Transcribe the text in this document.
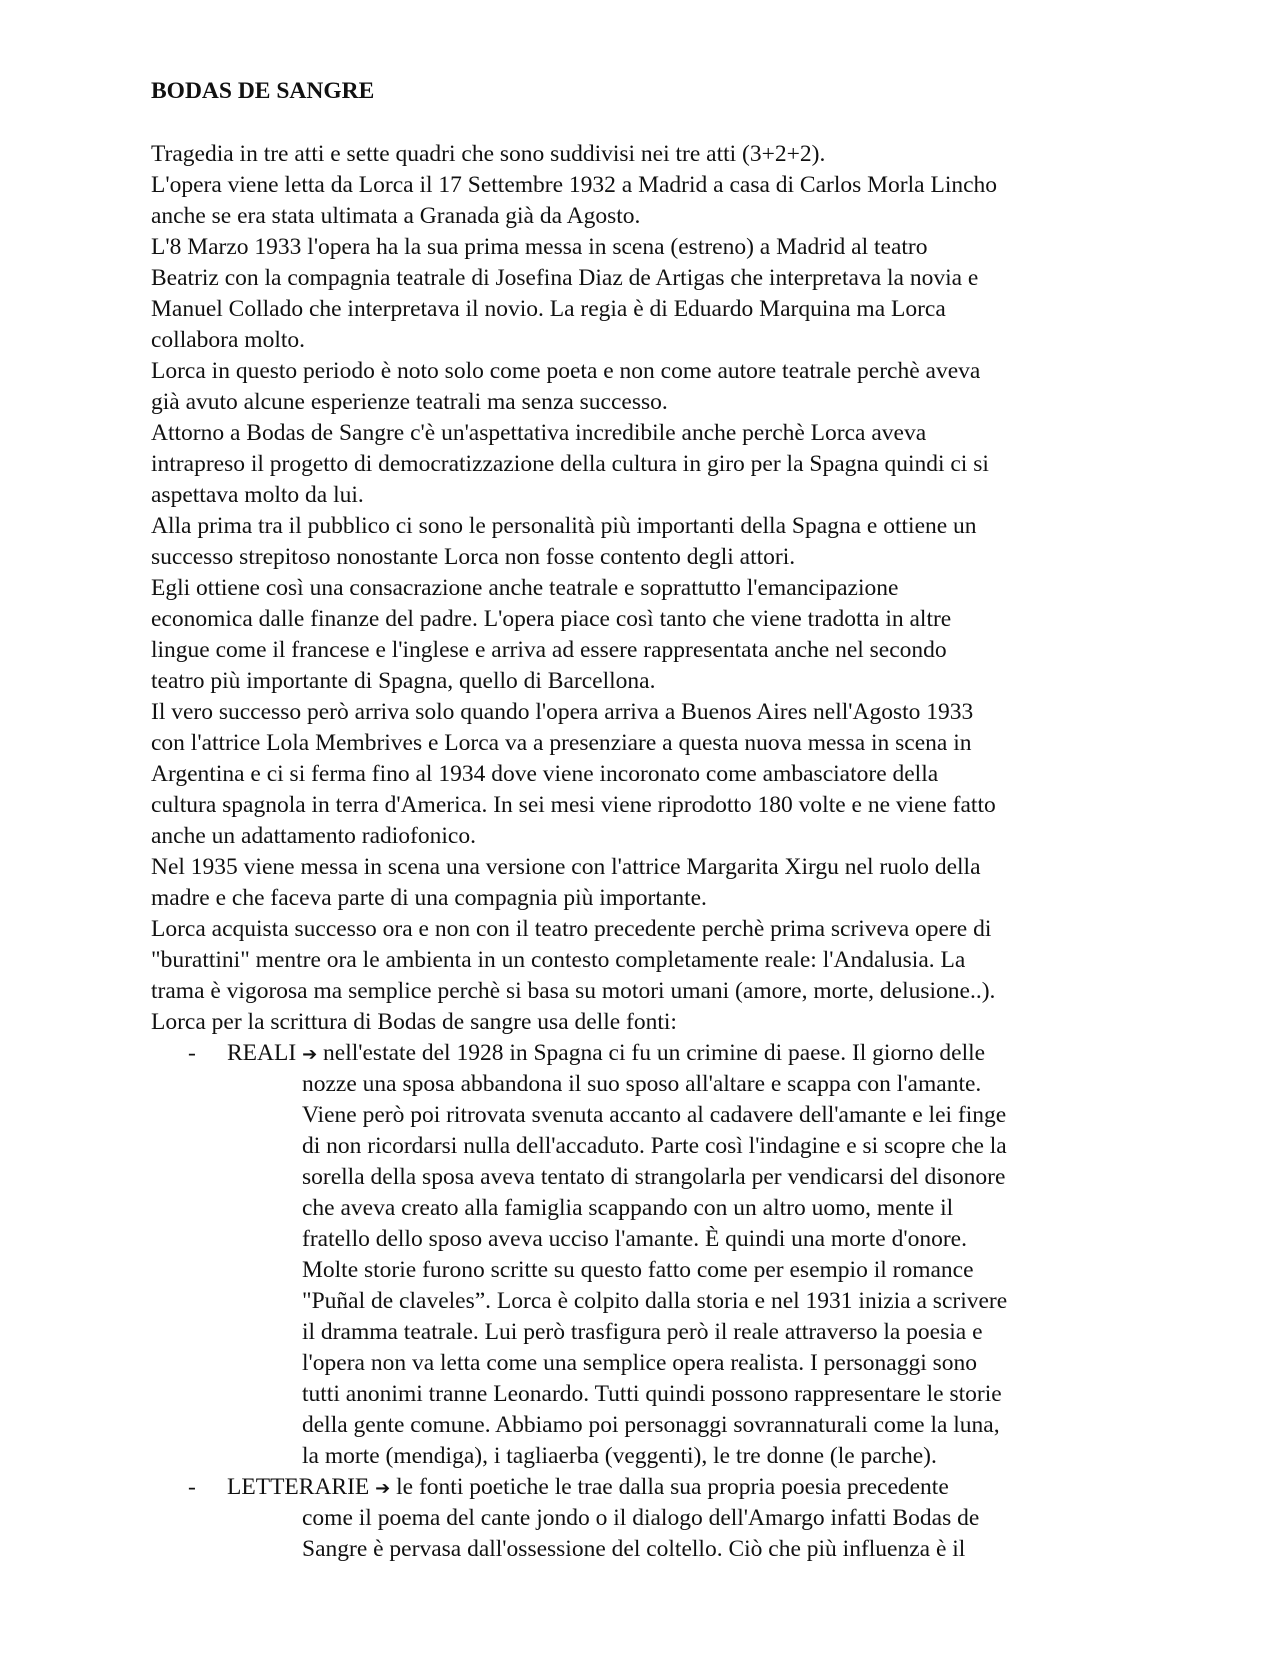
BODAS DE SANGRE
Tragedia in tre atti e sette quadri che sono suddivisi nei tre atti (3+2+2).
L'opera viene letta da Lorca il 17 Settembre 1932 a Madrid a casa di Carlos Morla Lincho
anche se era stata ultimata a Granada già da Agosto.
L'8 Marzo 1933 l'opera ha la sua prima messa in scena (estreno) a Madrid al teatro
Beatriz con la compagnia teatrale di Josefina Diaz de Artigas che interpretava la novia e
Manuel Collado che interpretava il novio. La regia è di Eduardo Marquina ma Lorca
collabora molto.
Lorca in questo periodo è noto solo come poeta e non come autore teatrale perchè aveva
già avuto alcune esperienze teatrali ma senza successo.
Attorno a Bodas de Sangre c'è un'aspettativa incredibile anche perchè Lorca aveva
intrapreso il progetto di democratizzazione della cultura in giro per la Spagna quindi ci si
aspettava molto da lui.
Alla prima tra il pubblico ci sono le personalità più importanti della Spagna e ottiene un
successo strepitoso nonostante Lorca non fosse contento degli attori.
Egli ottiene così una consacrazione anche teatrale e soprattutto l'emancipazione
economica dalle finanze del padre. L'opera piace così tanto che viene tradotta in altre
lingue come il francese e l'inglese e arriva ad essere rappresentata anche nel secondo
teatro più importante di Spagna, quello di Barcellona.
Il vero successo però arriva solo quando l'opera arriva a Buenos Aires nell'Agosto 1933
con l'attrice Lola Membrives e Lorca va a presenziare a questa nuova messa in scena in
Argentina e ci si ferma fino al 1934 dove viene incoronato come ambasciatore della
cultura spagnola in terra d'America. In sei mesi viene riprodotto 180 volte e ne viene fatto
anche un adattamento radiofonico.
Nel 1935 viene messa in scena una versione con l'attrice Margarita Xirgu nel ruolo della
madre e che faceva parte di una compagnia più importante.
Lorca acquista successo ora e non con il teatro precedente perchè prima scriveva opere di
"burattini" mentre ora le ambienta in un contesto completamente reale: l'Andalusia. La
trama è vigorosa ma semplice perchè si basa su motori umani (amore, morte, delusione..).
Lorca per la scrittura di Bodas de sangre usa delle fonti:
-	REALI ➔ nell'estate del 1928 in Spagna ci fu un crimine di paese. Il giorno delle

nozze una sposa abbandona il suo sposo all'altare e scappa con l'amante.
Viene però poi ritrovata svenuta accanto al cadavere dell'amante e lei finge
di non ricordarsi nulla dell'accaduto. Parte così l'indagine e si scopre che la
sorella della sposa aveva tentato di strangolarla per vendicarsi del disonore
che aveva creato alla famiglia scappando con un altro uomo, mente il
fratello dello sposo aveva ucciso l'amante. È quindi una morte d'onore.
Molte storie furono scritte su questo fatto come per esempio il romance
"Puñal de claveles”. Lorca è colpito dalla storia e nel 1931 inizia a scrivere
il dramma teatrale. Lui però trasfigura però il reale attraverso la poesia e
l'opera non va letta come una semplice opera realista. I personaggi sono
tutti anonimi tranne Leonardo. Tutti quindi possono rappresentare le storie
della gente comune. Abbiamo poi personaggi sovrannaturali come la luna,
la morte (mendiga), i tagliaerba (veggenti), le tre donne (le parche).
-	LETTERARIE ➔ le fonti poetiche le trae dalla sua propria poesia precedente

come il poema del cante jondo o il dialogo dell'Amargo infatti Bodas de
Sangre è pervasa dall'ossessione del coltello. Ciò che più influenza è il
